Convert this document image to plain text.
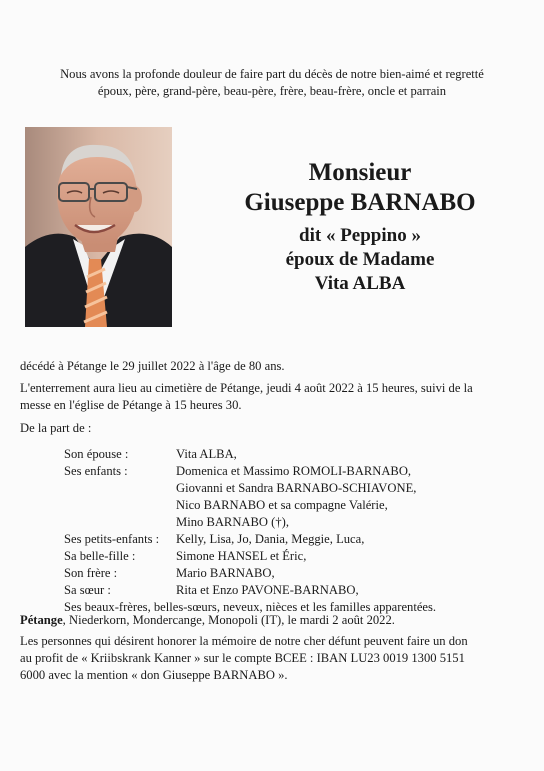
Nous avons la profonde douleur de faire part du décès de notre bien-aimé et regretté
époux, père, grand-père, beau-père, frère, beau-frère, oncle et parrain
Monsieur
Giuseppe BARNABO
dit « Peppino »
époux de Madame
Vita ALBA
décédé à Pétange le 29 juillet 2022 à l'âge de 80 ans.
L'enterrement aura lieu au cimetière de Pétange, jeudi 4 août 2022 à 15 heures, suivi de la
messe en l'église de Pétange à 15 heures 30.
De la part de :
Son épouse :	Vita ALBA,
Ses enfants :	Domenica et Massimo ROMOLI-BARNABO,
Giovanni et Sandra BARNABO-SCHIAVONE,
Nico BARNABO et sa compagne Valérie,
Mino BARNABO (†),
Ses petits-enfants :	Kelly, Lisa, Jo, Dania, Meggie, Luca,
Sa belle-fille :	Simone HANSEL et Éric,
Son frère :	Mario BARNABO,
Sa sœur :	Rita et Enzo PAVONE-BARNABO,
Ses beaux-frères, belles-sœurs, neveux, nièces et les familles apparentées.
Pétange, Niederkorn, Mondercange, Monopoli (IT), le mardi 2 août 2022.
Les personnes qui désirent honorer la mémoire de notre cher défunt peuvent faire un don
au profit de « Kriibskrank Kanner » sur le compte BCEE : IBAN LU23 0019 1300 5151
6000 avec la mention « don Giuseppe BARNABO ».
